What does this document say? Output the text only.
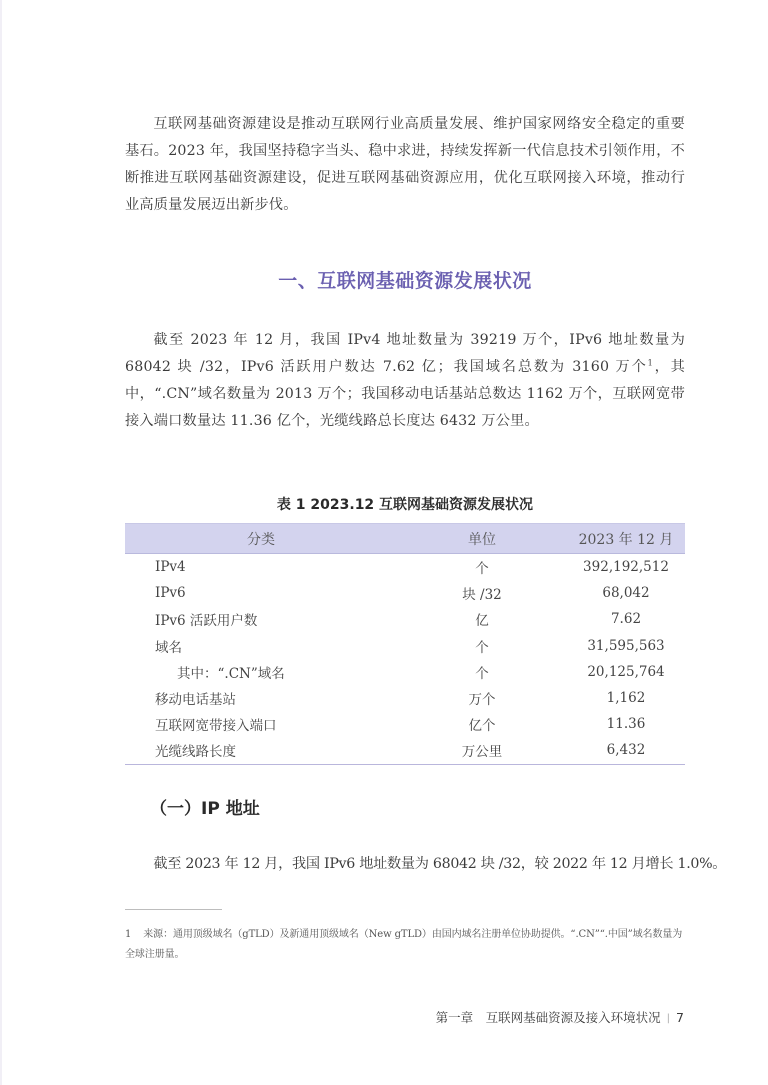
互联网基础资源建设是推动互联网行业高质量发展、维护国家网络安全稳定的重要基石。2023 年，我国坚持稳字当头、稳中求进，持续发挥新一代信息技术引领作用，不断推进互联网基础资源建设，促进互联网基础资源应用，优化互联网接入环境，推动行业高质量发展迈出新步伐。

一、互联网基础资源发展状况

截至 2023 年 12 月，我国 IPv4 地址数量为 39219 万个，IPv6 地址数量为 68042 块 /32，IPv6 活跃用户数达 7.62 亿；我国域名总数为 3160 万个$^1$，其中，“.CN”域名数量为 2013 万个；我国移动电话基站总数达 1162 万个，互联网宽带接入端口数量达 11.36 亿个，光缆线路总长度达 6432 万公里。

表 1 2023.12 互联网基础资源发展状况
分类	单位	2023 年 12 月
IPv4	个	392,192,512
IPv6	块 /32	68,042
IPv6 活跃用户数	亿	7.62
域名	个	31,595,563
其中：“.CN”域名	个	20,125,764
移动电话基站	万个	1,162
互联网宽带接入端口	亿个	11.36
光缆线路长度	万公里	6,432
（一）IP 地址

截至 2023 年 12 月，我国 IPv6 地址数量为 68042 块 /32，较 2022 年 12 月增长 1.0%。

1 来源：通用顶级域名（gTLD）及新通用顶级域名（New gTLD）由国内域名注册单位协助提供。“.CN”“.中国”域名数量为全球注册量。
第一章　互联网基础资源及接入环境状况 | 7
